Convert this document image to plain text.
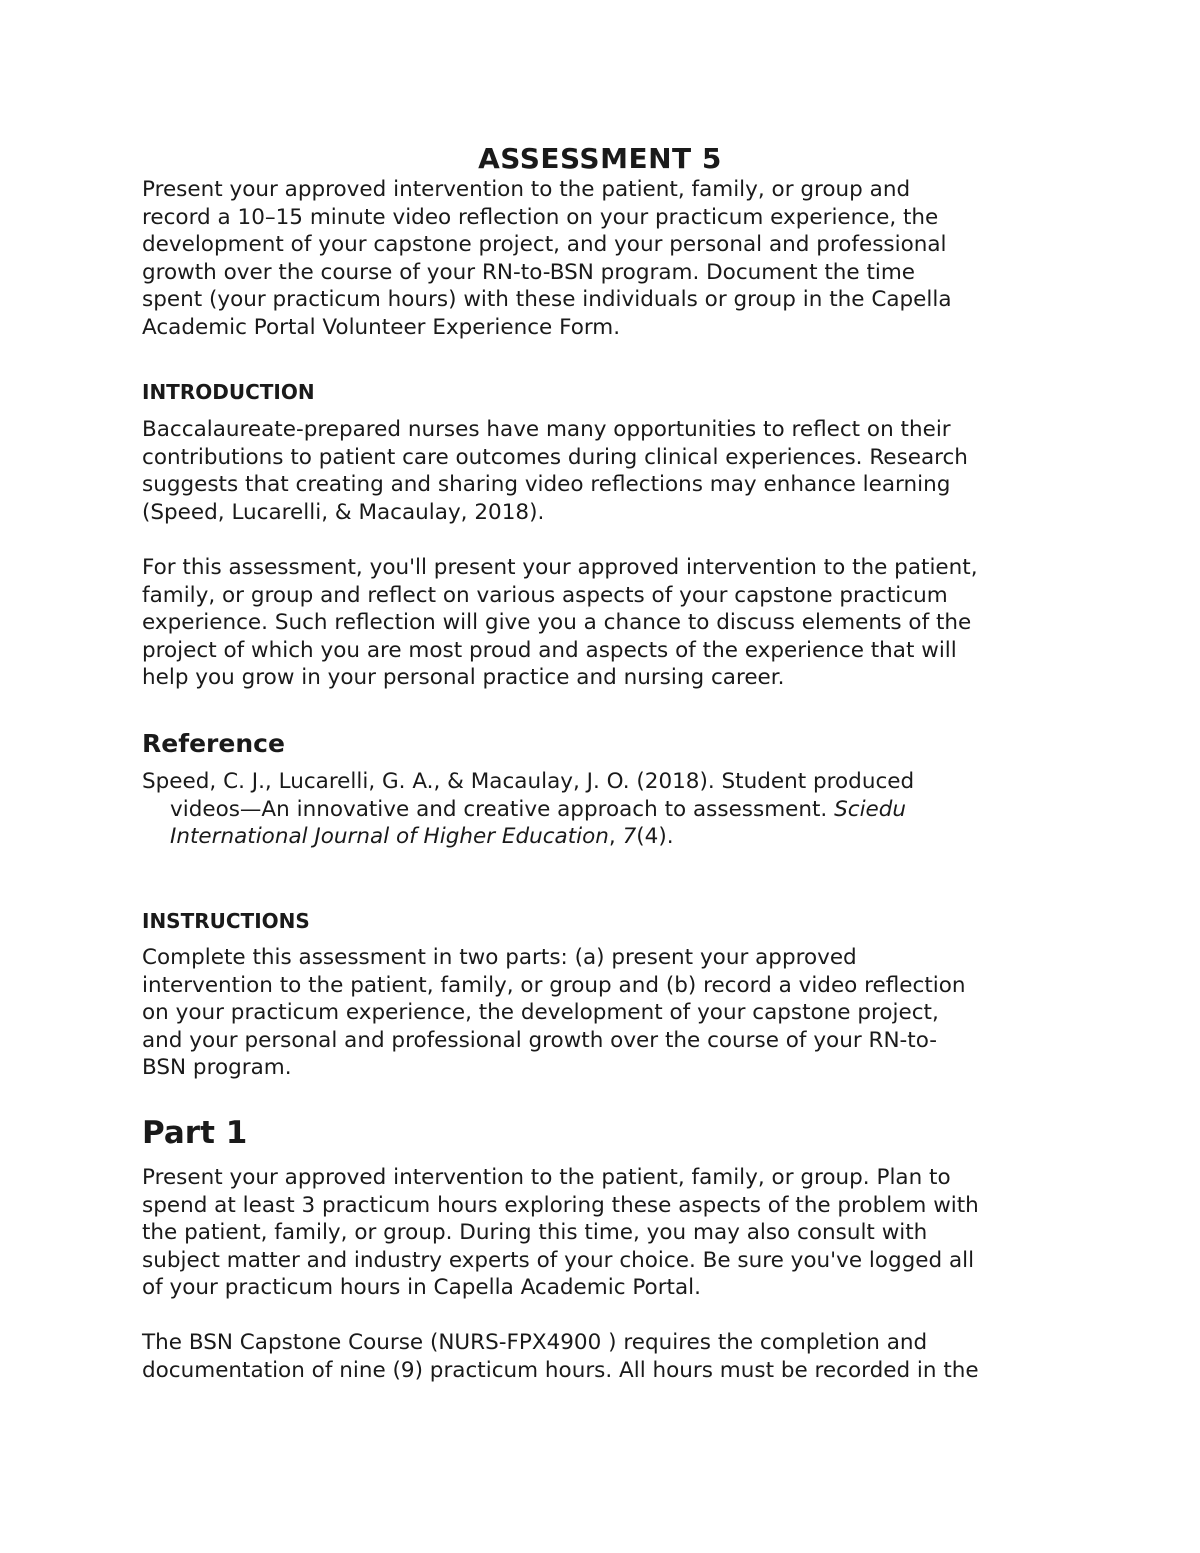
ASSESSMENT 5
Present your approved intervention to the patient, family, or group and
record a 10–15 minute video reflection on your practicum experience, the
development of your capstone project, and your personal and professional
growth over the course of your RN-to-BSN program. Document the time
spent (your practicum hours) with these individuals or group in the Capella
Academic Portal Volunteer Experience Form.
INTRODUCTION
Baccalaureate-prepared nurses have many opportunities to reflect on their
contributions to patient care outcomes during clinical experiences. Research
suggests that creating and sharing video reflections may enhance learning
(Speed, Lucarelli, & Macaulay, 2018).
For this assessment, you'll present your approved intervention to the patient,
family, or group and reflect on various aspects of your capstone practicum
experience. Such reflection will give you a chance to discuss elements of the
project of which you are most proud and aspects of the experience that will
help you grow in your personal practice and nursing career.
Reference
Speed, C. J., Lucarelli, G. A., & Macaulay, J. O. (2018). Student produced
videos—An innovative and creative approach to assessment. Sciedu
International Journal of Higher Education, 7(4).
INSTRUCTIONS
Complete this assessment in two parts: (a) present your approved
intervention to the patient, family, or group and (b) record a video reflection
on your practicum experience, the development of your capstone project,
and your personal and professional growth over the course of your RN-to-
BSN program.
Part 1
Present your approved intervention to the patient, family, or group. Plan to
spend at least 3 practicum hours exploring these aspects of the problem with
the patient, family, or group. During this time, you may also consult with
subject matter and industry experts of your choice. Be sure you've logged all
of your practicum hours in Capella Academic Portal.
The BSN Capstone Course (NURS-FPX4900 ) requires the completion and
documentation of nine (9) practicum hours. All hours must be recorded in the
